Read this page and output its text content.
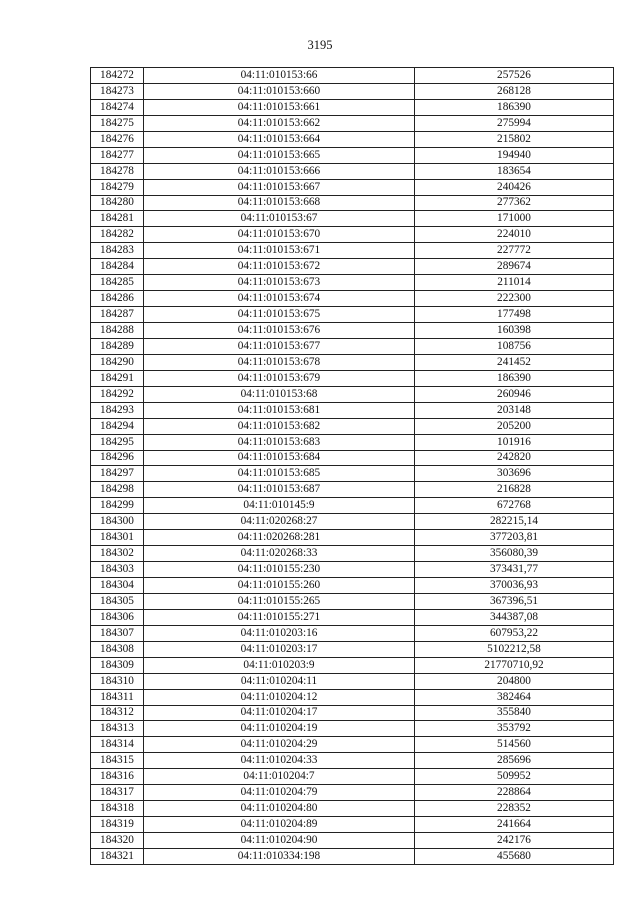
3195
184272	04:11:010153:66	257526
184273	04:11:010153:660	268128
184274	04:11:010153:661	186390
184275	04:11:010153:662	275994
184276	04:11:010153:664	215802
184277	04:11:010153:665	194940
184278	04:11:010153:666	183654
184279	04:11:010153:667	240426
184280	04:11:010153:668	277362
184281	04:11:010153:67	171000
184282	04:11:010153:670	224010
184283	04:11:010153:671	227772
184284	04:11:010153:672	289674
184285	04:11:010153:673	211014
184286	04:11:010153:674	222300
184287	04:11:010153:675	177498
184288	04:11:010153:676	160398
184289	04:11:010153:677	108756
184290	04:11:010153:678	241452
184291	04:11:010153:679	186390
184292	04:11:010153:68	260946
184293	04:11:010153:681	203148
184294	04:11:010153:682	205200
184295	04:11:010153:683	101916
184296	04:11:010153:684	242820
184297	04:11:010153:685	303696
184298	04:11:010153:687	216828
184299	04:11:010145:9	672768
184300	04:11:020268:27	282215,14
184301	04:11:020268:281	377203,81
184302	04:11:020268:33	356080,39
184303	04:11:010155:230	373431,77
184304	04:11:010155:260	370036,93
184305	04:11:010155:265	367396,51
184306	04:11:010155:271	344387,08
184307	04:11:010203:16	607953,22
184308	04:11:010203:17	5102212,58
184309	04:11:010203:9	21770710,92
184310	04:11:010204:11	204800
184311	04:11:010204:12	382464
184312	04:11:010204:17	355840
184313	04:11:010204:19	353792
184314	04:11:010204:29	514560
184315	04:11:010204:33	285696
184316	04:11:010204:7	509952
184317	04:11:010204:79	228864
184318	04:11:010204:80	228352
184319	04:11:010204:89	241664
184320	04:11:010204:90	242176
184321	04:11:010334:198	455680
